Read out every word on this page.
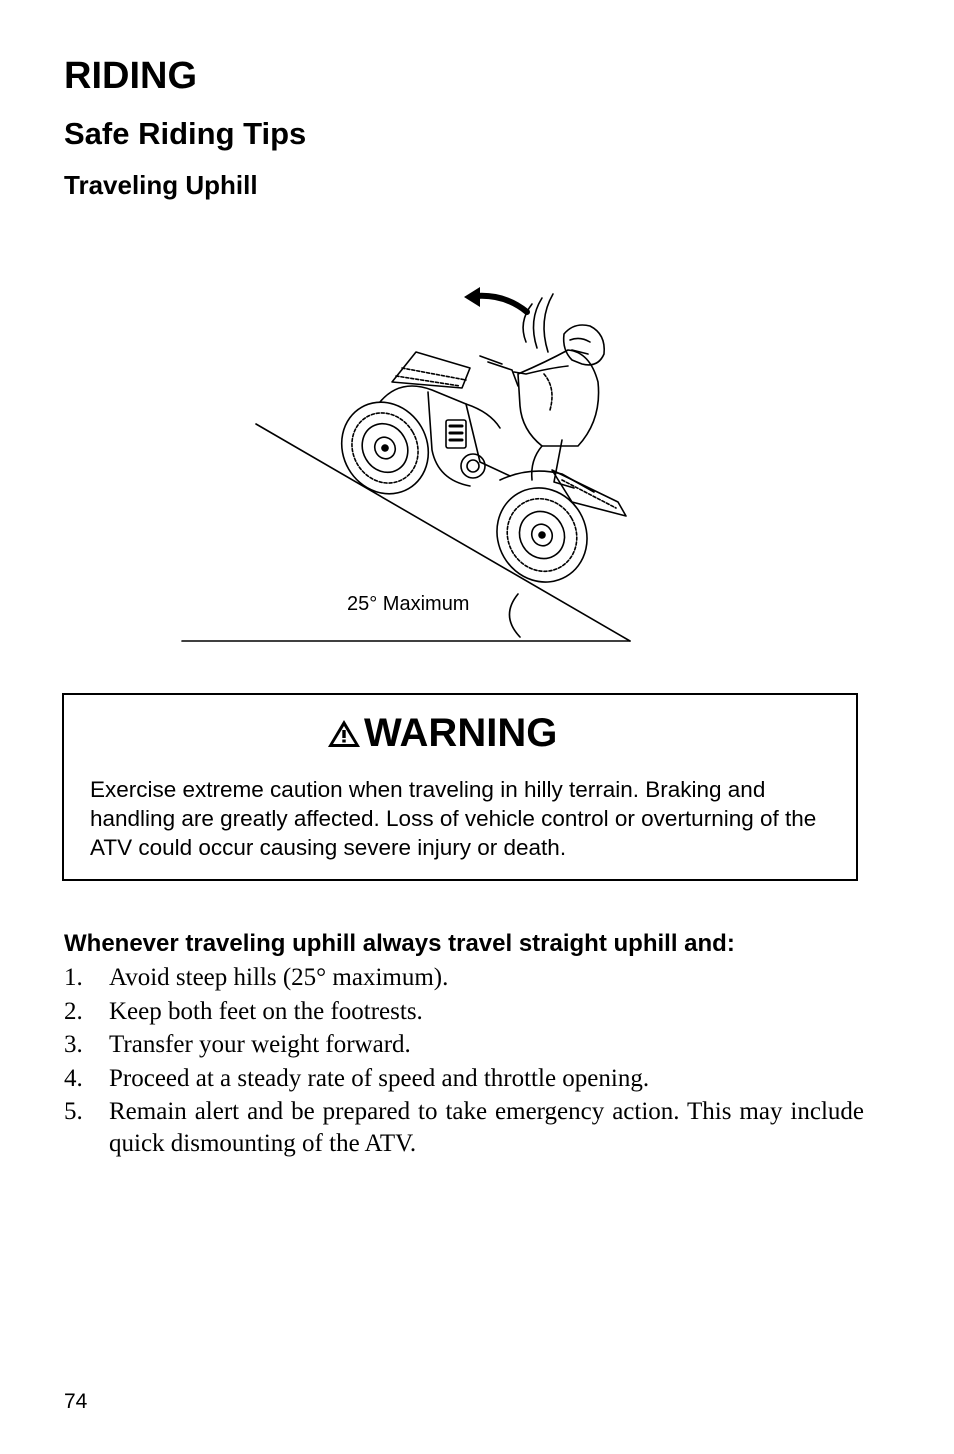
RIDING
Safe Riding Tips
Traveling Uphill
25° Maximum
WARNING
Exercise extreme caution when traveling in hilly terrain. Braking and handling are greatly affected. Loss of vehicle control or overturning of the ATV could occur causing severe injury or death.

Whenever traveling uphill always travel straight uphill and:

1. Avoid steep hills (25° maximum).
2. Keep both feet on the footrests.
3. Transfer your weight forward.
4. Proceed at a steady rate of speed and throttle opening.
5. Remain alert and be prepared to take emergency action. This may include quick dismounting of the ATV.
74
